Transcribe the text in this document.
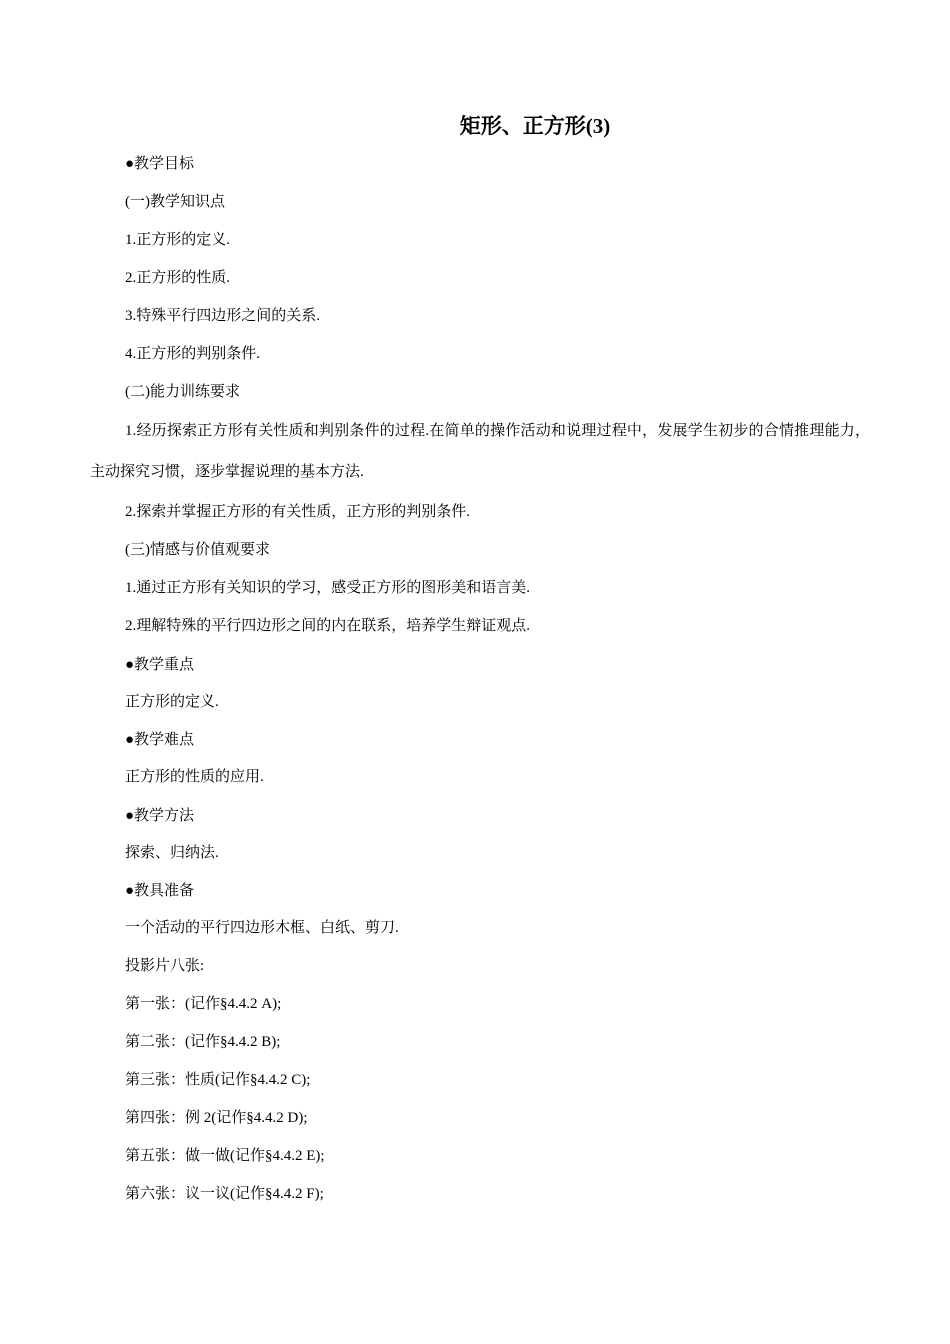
矩形、正方形(3)
●教学目标
(一)教学知识点
1.正方形的定义.
2.正方形的性质.
3.特殊平行四边形之间的关系.
4.正方形的判别条件.
(二)能力训练要求

1.经历探索正方形有关性质和判别条件的过程.在简单的操作活动和说理过程中，发展学生初步的合情推理能力，主动探究习惯，逐步掌握说理的基本方法.

2.探索并掌握正方形的有关性质，正方形的判别条件.
(三)情感与价值观要求
1.通过正方形有关知识的学习，感受正方形的图形美和语言美.
2.理解特殊的平行四边形之间的内在联系，培养学生辩证观点.
●教学重点
正方形的定义.
●教学难点
正方形的性质的应用.
●教学方法
探索、归纳法.
●教具准备
一个活动的平行四边形木框、白纸、剪刀.
投影片八张:
第一张：(记作§4.4.2 A);
第二张：(记作§4.4.2 B);
第三张：性质(记作§4.4.2 C);
第四张：例 2(记作§4.4.2 D);
第五张：做一做(记作§4.4.2 E);
第六张：议一议(记作§4.4.2 F);
